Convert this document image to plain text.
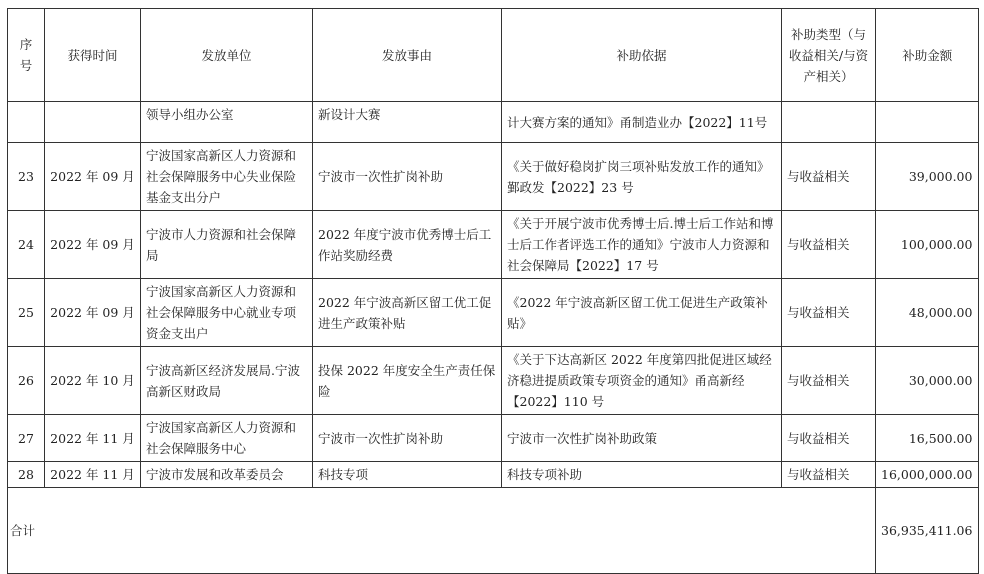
序号	获得时间	发放单位	发放事由	补助依据	补助类型（与收益相关/与资产相关）	补助金额
		领导小组办公室	新设计大赛	计大赛方案的通知》甬制造业办【2022】11号		
23	2022 年 09 月	宁波国家高新区人力资源和社会保障服务中心失业保险基金支出分户	宁波市一次性扩岗补助	《关于做好稳岗扩岗三项补贴发放工作的通知》鄞政发【2022】23 号	与收益相关	39,000.00
24	2022 年 09 月	宁波市人力资源和社会保障局	2022 年度宁波市优秀博士后工作站奖励经费	《关于开展宁波市优秀博士后.博士后工作站和博士后工作者评选工作的通知》宁波市人力资源和社会保障局【2022】17 号	与收益相关	100,000.00
25	2022 年 09 月	宁波国家高新区人力资源和社会保障服务中心就业专项资金支出户	2022 年宁波高新区留工优工促进生产政策补贴	《2022 年宁波高新区留工优工促进生产政策补贴》	与收益相关	48,000.00
26	2022 年 10 月	宁波高新区经济发展局.宁波高新区财政局	投保 2022 年度安全生产责任保险	《关于下达高新区 2022 年度第四批促进区域经济稳进提质政策专项资金的通知》甬高新经【2022】110 号	与收益相关	30,000.00
27	2022 年 11 月	宁波国家高新区人力资源和社会保障服务中心	宁波市一次性扩岗补助	宁波市一次性扩岗补助政策	与收益相关	16,500.00
28	2022 年 11 月	宁波市发展和改革委员会	科技专项	科技专项补助	与收益相关	16,000,000.00
合计						36,935,411.06
